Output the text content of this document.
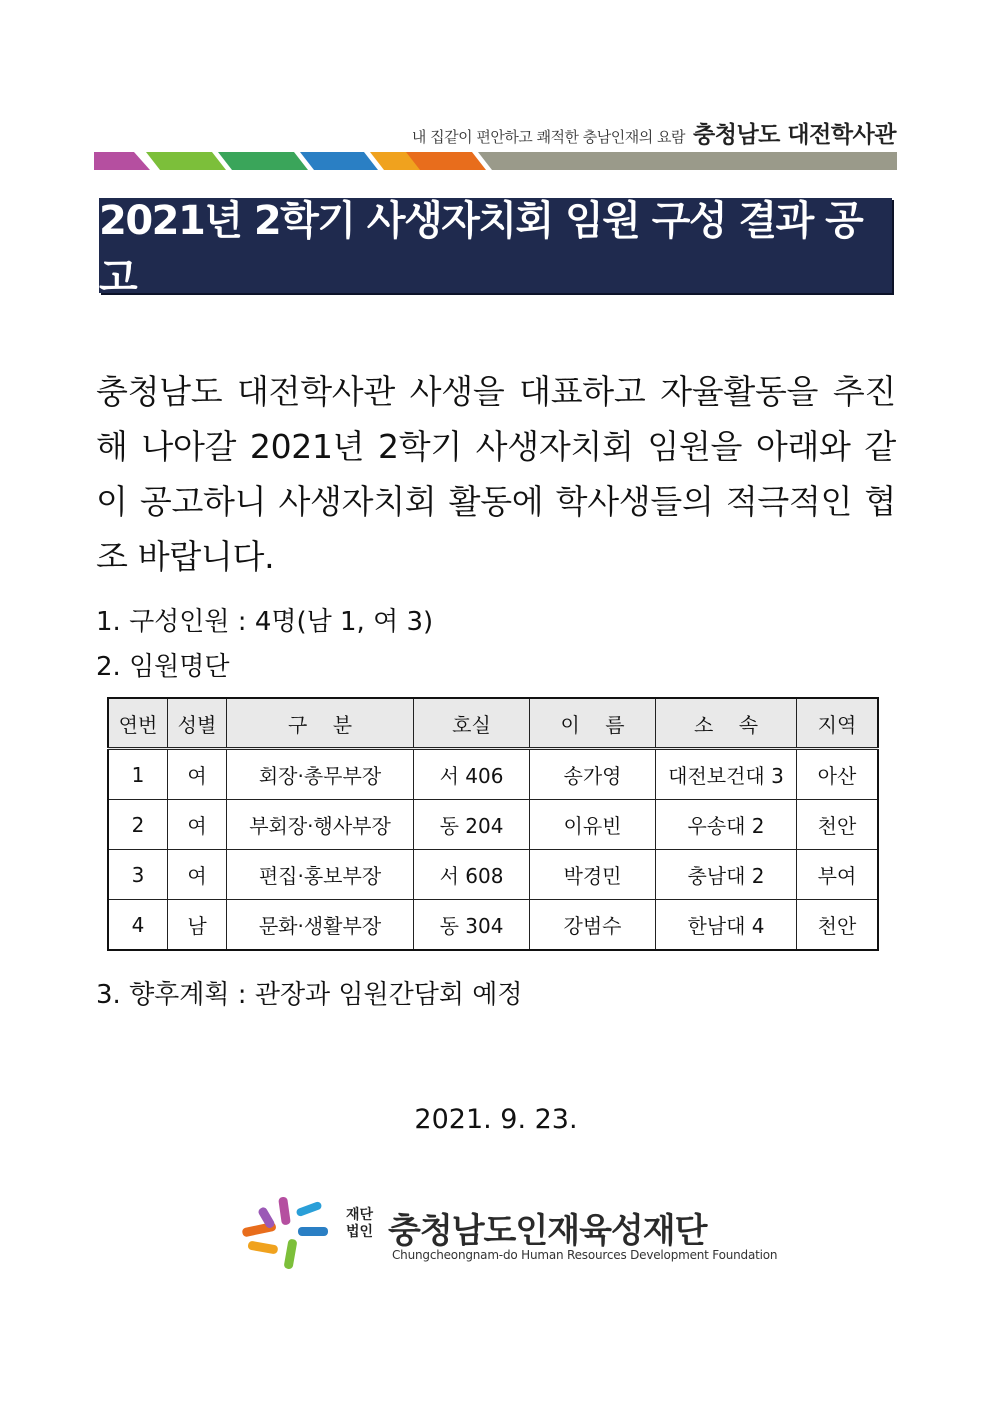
내 집같이 편안하고 쾌적한 충남인재의 요람 충청남도 대전학사관
2021년 2학기 사생자치회 임원 구성 결과 공고

충청남도 대전학사관 사생을 대표하고 자율활동을 추진해 나아갈 2021년 2학기 사생자치회 임원을 아래와 같이 공고하니 사생자치회 활동에 학사생들의 적극적인 협조 바랍니다.

1. 구성인원 : 4명(남 1, 여 3)
2. 임원명단
연번	성별	구    분	호실	이    름	소    속	지역
1	여	회장·총무부장	서 406	송가영	대전보건대 3	아산
2	여	부회장·행사부장	동 204	이유빈	우송대 2	천안
3	여	편집·홍보부장	서 608	박경민	충남대 2	부여
4	남	문화·생활부장	동 304	강범수	한남대 4	천안
3. 향후계획 : 관장과 임원간담회 예정
2021. 9. 23.
재단
법인 충청남도인재육성재단
Chungcheongnam-do Human Resources Development Foundation
